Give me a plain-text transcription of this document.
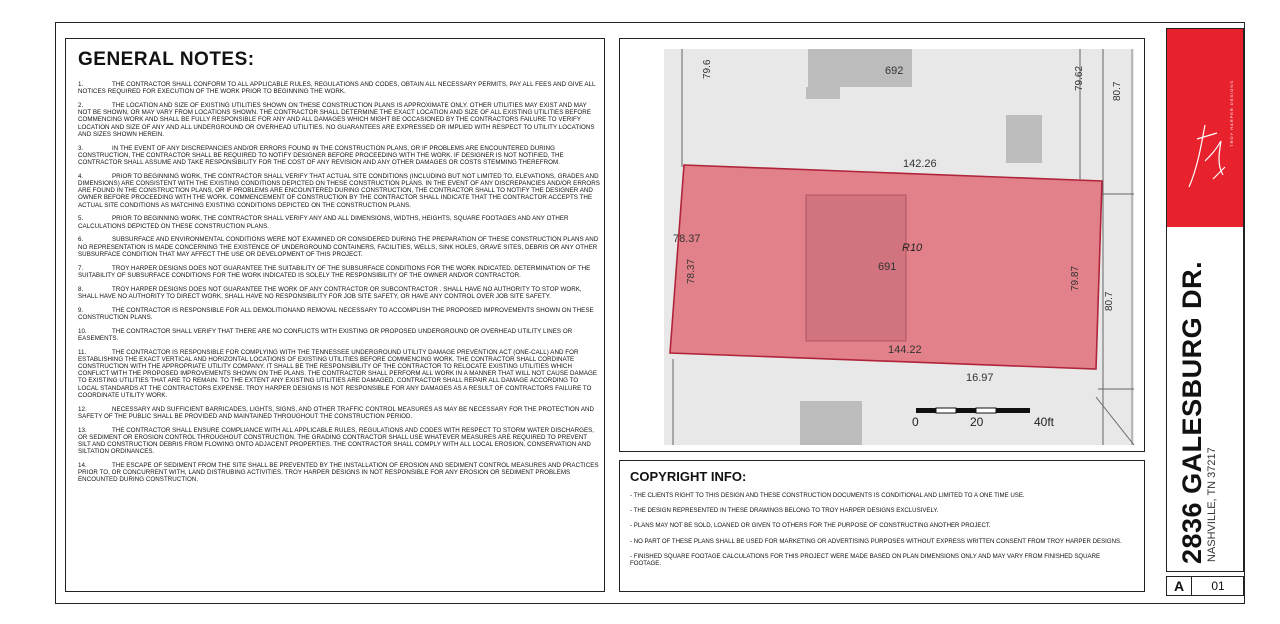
GENERAL NOTES:

1.	THE CONTRACTOR SHALL CONFORM TO ALL APPLICABLE RULES, REGULATIONS AND CODES, OBTAIN ALL NECESSARY PERMITS, PAY ALL FEES AND GIVE ALL NOTICES REQUIRED FOR EXECUTION OF THE WORK PRIOR TO BEGINNING THE WORK.

2.	THE LOCATION AND SIZE OF EXISTING UTILITIES SHOWN ON THESE CONSTRUCTION PLANS IS APPROXIMATE ONLY. OTHER UTILITIES MAY EXIST AND MAY NOT BE SHOWN, OR MAY VARY FROM LOCATIONS SHOWN. THE CONTRACTOR SHALL DETERMINE THE EXACT LOCATION AND SIZE OF ALL EXISTING UTILITIES BEFORE COMMENCING WORK AND SHALL BE FULLY RESPONSIBLE FOR ANY AND ALL DAMAGES WHICH MIGHT BE OCCASIONED BY THE CONTRACTORS FAILURE TO VERIFY LOCATION AND SIZE OF ANY AND ALL UNDERGROUND OR OVERHEAD UTILITIES. NO GUARANTEES ARE EXPRESSED OR IMPLIED WITH RESPECT TO UTILITY LOCATIONS AND SIZES SHOWN HEREIN.

3.	IN THE EVENT OF ANY DISCREPANCIES AND/OR ERRORS FOUND IN THE CONSTRUCTION PLANS, OR IF PROBLEMS ARE ENCOUNTERED DURING CONSTRUCTION, THE CONTRACTOR SHALL BE REQUIRED TO NOTIFY DESIGNER BEFORE PROCEEDING WITH THE WORK. IF DESIGNER IS NOT NOTIFIED, THE CONTRACTOR SHALL ASSUME AND TAKE RESPONSIBILITY FOR THE COST OF ANY REVISION AND ANY OTHER DAMAGES OR COSTS STEMMING THEREFROM.

4.	PRIOR TO BEGINNING WORK, THE CONTRACTOR SHALL VERIFY THAT ACTUAL SITE CONDITIONS (INCLUDING BUT NOT LIMITED TO, ELEVATIONS, GRADES AND DIMENSIONS) ARE CONSISTENT WITH THE EXISTING CONDITIONS DEPICTED ON THESE CONSTRUCTION PLANS. IN THE EVENT OF ANY DISCREPANCIES AND/OR ERRORS ARE FOUND IN THE CONSTRUCTION PLANS, OR IF PROBLEMS ARE ENCOUNTERED DURING CONSTRUCTION, THE CONTRACTOR SHALL TO NOTIFY THE DESIGNER AND OWNER BEFORE PROCEEDING WITH THE WORK. COMMENCEMENT OF CONSTRUCTION BY THE CONTRACTOR SHALL INDICATE THAT THE CONTRACTOR ACCEPTS THE ACTUAL SITE CONDITIONS AS MATCHING EXISTING CONDITIONS DEPICTED ON THE CONSTRUCTION PLANS.

5.	PRIOR TO BEGINNING WORK, THE CONTRACTOR SHALL VERIFY ANY AND ALL DIMENSIONS, WIDTHS, HEIGHTS, SQUARE FOOTAGES AND ANY OTHER CALCULATIONS DEPICTED ON THESE CONSTRUCTION PLANS.

6.	SUBSURFACE AND ENVIRONMENTAL CONDITIONS WERE NOT EXAMINED OR CONSIDERED DURING THE PREPARATION OF THESE CONSTRUCTION PLANS AND NO REPRESENTATION IS MADE CONCERNING THE EXISTENCE OF UNDERGROUND CONTAINERS, FACILITIES, WELLS, SINK HOLES, GRAVE SITES, DEBRIS OR ANY OTHER SUBSURFACE CONDITION THAT MAY AFFECT THE USE OR DEVELOPMENT OF THIS PROJECT.

7.	TROY HARPER DESIGNS DOES NOT GUARANTEE THE SUITABILITY OF THE SUBSURFACE CONDITIONS FOR THE WORK INDICATED. DETERMINATION OF THE SUITABILITY OF SUBSURFACE CONDITIONS FOR THE WORK INDICATED IS SOLELY THE RESPONSIBILITY OF THE OWNER AND/OR CONTRACTOR.

8.	TROY HARPER DESIGNS DOES NOT GUARANTEE THE WORK OF ANY CONTRACTOR OR SUBCONTRACTOR . SHALL HAVE NO AUTHORITY TO STOP WORK, SHALL HAVE NO AUTHORITY TO DIRECT WORK, SHALL HAVE NO RESPONSIBILITY FOR JOB SITE SAFETY, OR HAVE ANY CONTROL OVER JOB SITE SAFETY.

9.	THE CONTRACTOR IS RESPONSIBLE FOR ALL DEMOLITIONAND REMOVAL NECESSARY TO ACCOMPLISH THE PROPOSED IMPROVEMENTS SHOWN ON THESE CONSTRUCTION PLANS.

10.	THE CONTRACTOR SHALL VERIFY THAT THERE ARE NO CONFLICTS WITH EXISTING OR PROPOSED UNDERGROUND OR OVERHEAD UTILITY LINES OR EASEMENTS.

11.	THE CONTRACTOR IS RESPONSIBLE FOR COMPLYING WITH THE TENNESSEE UNDERGROUND UTILITY DAMAGE PREVENTION ACT (ONE-CALL) AND FOR ESTABLISHING THE EXACT VERTICAL AND HORIZONTAL LOCATIONS OF EXISTING UTILITIES BEFORE COMMENCING WORK. THE CONTRACTOR SHALL CORDINATE CONSTRUCTION WITH THE APPROPRIATE UTILITY COMPANY. IT SHALL BE THE RESPONSIBILITY OF THE CONTRACTOR TO RELOCATE EXISTING UTILITIES WHICH CONFLICT WITH THE PROPOSED IMPROVEMENTS SHOWN ON THE PLANS. THE CONTRACTOR SHALL PERFORM ALL WORK IN A MANNER THAT WILL NOT CAUSE DAMAGE TO EXISTING UTILITIES THAT ARE TO REMAIN. TO THE EXTENT ANY EXISTING UTILITIES ARE DAMAGED, CONTRACTOR SHALL REPAIR ALL DAMAGE ACCORDING TO LOCAL STANDARDS AT THE CONTRACTORS EXPENSE. TROY HARPER DESIGNS IS NOT RESPONSIBLE FOR ANY DAMAGES AS A RESULT OF CONTRACTORS FAILURE TO COORDINATE UTILITY WORK.

12.	NECESSARY AND SUFFICIENT BARRICADES, LIGHTS, SIGNS, AND OTHER TRAFFIC CONTROL MEASURES AS MAY BE NECESSARY FOR THE PROTECTION AND SAFETY OF THE PUBLIC SHALL BE PROVIDED AND MAINTAINED THROUGHOUT THE CONSTRUCTION PERIOD.

13.	THE CONTRACTOR SHALL ENSURE COMPLIANCE WITH ALL APPLICABLE RULES, REGULATIONS AND CODES WITH RESPECT TO STORM WATER DISCHARGES, OR SEDIMENT OR EROSION CONTROL THROUGHOUT CONSTRUCTION. THE GRADING CONTRACTOR SHALL USE WHATEVER MEASURES ARE REQUIRED TO PREVENT SILT AND CONSTRUCTION DEBRIS FROM FLOWING ONTO ADJACENT PROPERTIES. THE CONTRACTOR SHALL COMPLY WITH ALL LOCAL EROSION, CONSERVATION AND SILTATION ORDINANCES.

14.	THE ESCAPE OF SEDIMENT FROM THE SITE SHALL BE PREVENTED BY THE INSTALLATION OF EROSION AND SEDIMENT CONTROL MEASURES AND PRACTICES PRIOR TO, OR CONCURRENT WITH, LAND DISTRUBING ACTIVITIES. TROY HARPER DESIGNS IN NOT RESPONSIBLE FOR ANY EROSION OR SEDIMENT PROBLEMS ENCOUNTED DURING CONSTRUCTION.

0	20	40ft
692
691
R10
142.26
144.22
16.97
78.37
78.37
79.6	79.62
80.7
79.87
80.7
COPYRIGHT INFO:

- THE CLIENTS RIGHT TO THIS DESIGN AND THESE CONSTRUCTION DOCUMENTS IS CONDITIONAL AND LIMITED TO A ONE TIME USE.

- THE DESIGN REPRESENTED IN THESE DRAWINGS BELONG TO TROY HARPER DESIGNS EXCLUSIVELY.

- PLANS MAY NOT BE SOLD, LOANED OR GIVEN TO OTHERS FOR THE PURPOSE OF CONSTRUCTING ANOTHER PROJECT.

- NO PART OF THESE PLANS SHALL BE USED FOR MARKETING OR ADVERTISING PURPOSES WITHOUT EXPRESS WRITTEN CONSENT FROM TROY HARPER DESIGNS.

- FINISHED SQUARE FOOTAGE CALCULATIONS FOR THIS PROJECT WERE MADE BASED ON PLAN DIMENSIONS ONLY AND MAY VARY FROM FINISHED SQUARE FOOTAGE.

TROY HARPER DESIGNS
2836 GALESBURG DR. NASHVILLE, TN 37217
A	01
